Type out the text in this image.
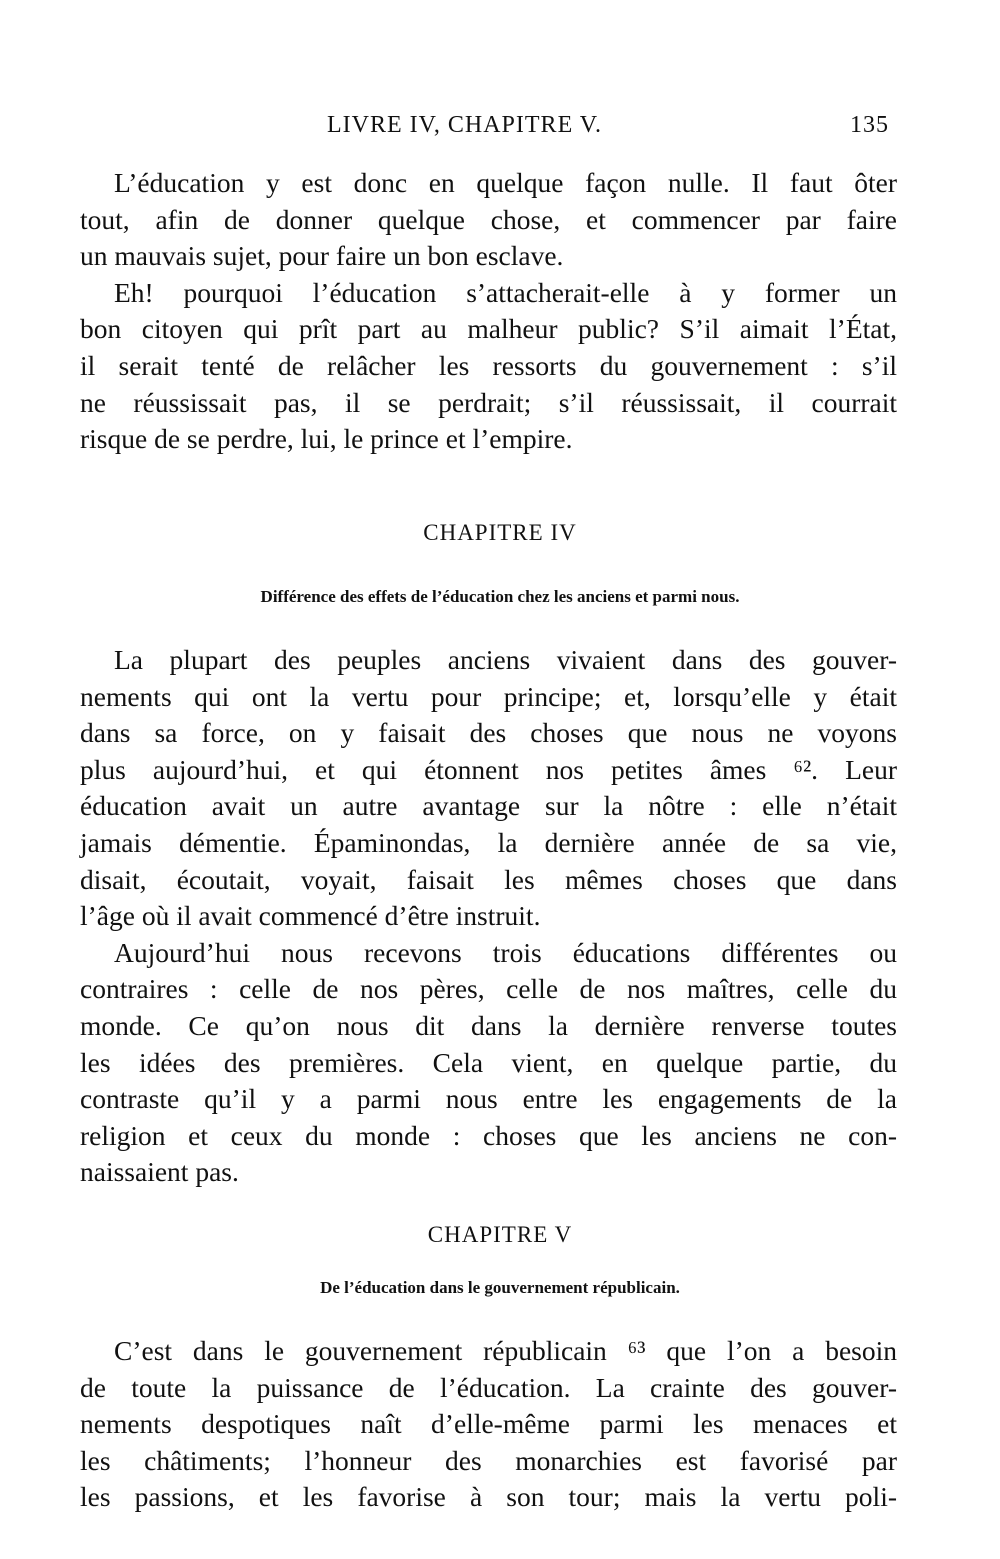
LIVRE IV, CHAPITRE V.	135
L’éducation y est donc en quelque façon nulle. Il faut ôter
tout, afin de donner quelque chose, et commencer par faire
un mauvais sujet, pour faire un bon esclave.
Eh! pourquoi l’éducation s’attacherait-elle à y former un
bon citoyen qui prît part au malheur public? S’il aimait l’État,
il serait tenté de relâcher les ressorts du gouvernement : s’il
ne réussissait pas, il se perdrait; s’il réussissait, il courrait
risque de se perdre, lui, le prince et l’empire.
CHAPITRE IV
Différence des effets de l’éducation chez les anciens et parmi nous.
La plupart des peuples anciens vivaient dans des gouver-
nements qui ont la vertu pour principe; et, lorsqu’elle y était
dans sa force, on y faisait des choses que nous ne voyons
plus aujourd’hui, et qui étonnent nos petites âmes ⁶². Leur
éducation avait un autre avantage sur la nôtre : elle n’était
jamais démentie. Épaminondas, la dernière année de sa vie,
disait, écoutait, voyait, faisait les mêmes choses que dans
l’âge où il avait commencé d’être instruit.
Aujourd’hui nous recevons trois éducations différentes ou
contraires : celle de nos pères, celle de nos maîtres, celle du
monde. Ce qu’on nous dit dans la dernière renverse toutes
les idées des premières. Cela vient, en quelque partie, du
contraste qu’il y a parmi nous entre les engagements de la
religion et ceux du monde : choses que les anciens ne con-
naissaient pas.
CHAPITRE V
De l’éducation dans le gouvernement républicain.
C’est dans le gouvernement républicain ⁶³ que l’on a besoin
de toute la puissance de l’éducation. La crainte des gouver-
nements despotiques naît d’elle-même parmi les menaces et
les châtiments; l’honneur des monarchies est favorisé par
les passions, et les favorise à son tour; mais la vertu poli-
